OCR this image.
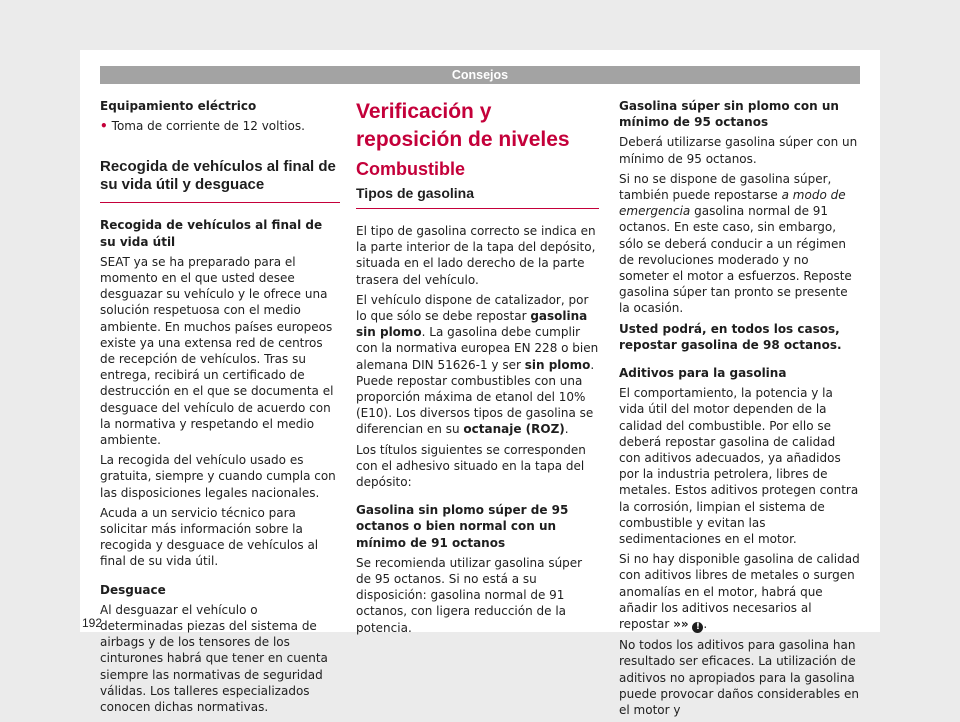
Consejos

Equipamiento eléctrico

• Toma de corriente de 12 voltios.

Recogida de vehículos al final de su vida útil y desguace

Recogida de vehículos al final de su vida útil

SEAT ya se ha preparado para el momento en el que usted desee desguazar su vehículo y le ofrece una solución respetuosa con el medio ambiente. En muchos países europeos existe ya una extensa red de centros de recepción de vehículos. Tras su entrega, recibirá un certificado de destrucción en el que se documenta el desguace del vehículo de acuerdo con la normativa y respetando el medio ambiente.

La recogida del vehículo usado es gratuita, siempre y cuando cumpla con las disposiciones legales nacionales.

Acuda a un servicio técnico para solicitar más información sobre la recogida y desguace de vehículos al final de su vida útil.

Desguace

Al desguazar el vehículo o determinadas piezas del sistema de airbags y de los tensores de los cinturones habrá que tener en cuenta siempre las normativas de seguridad válidas. Los talleres especializados conocen dichas normativas.

Verificación y reposición de niveles

Combustible

Tipos de gasolina

El tipo de gasolina correcto se indica en la parte interior de la tapa del depósito, situada en el lado derecho de la parte trasera del vehículo.

El vehículo dispone de catalizador, por lo que sólo se debe repostar gasolina sin plomo. La gasolina debe cumplir con la normativa europea EN 228 o bien alemana DIN 51626-1 y ser sin plomo. Puede repostar combustibles con una proporción máxima de etanol del 10% (E10). Los diversos tipos de gasolina se diferencian en su octanaje (ROZ).

Los títulos siguientes se corresponden con el adhesivo situado en la tapa del depósito:

Gasolina sin plomo súper de 95 octanos o bien normal con un mínimo de 91 octanos

Se recomienda utilizar gasolina súper de 95 octanos. Si no está a su disposición: gasolina normal de 91 octanos, con ligera reducción de la potencia.

Gasolina súper sin plomo con un mínimo de 95 octanos

Deberá utilizarse gasolina súper con un mínimo de 95 octanos.

Si no se dispone de gasolina súper, también puede repostarse a modo de emergencia gasolina normal de 91 octanos. En este caso, sin embargo, sólo se deberá conducir a un régimen de revoluciones moderado y no someter el motor a esfuerzos. Reposte gasolina súper tan pronto se presente la ocasión.

Usted podrá, en todos los casos, repostar gasolina de 98 octanos.

Aditivos para la gasolina

El comportamiento, la potencia y la vida útil del motor dependen de la calidad del combustible. Por ello se deberá repostar gasolina de calidad con aditivos adecuados, ya añadidos por la industria petrolera, libres de metales. Estos aditivos protegen contra la corrosión, limpian el sistema de combustible y evitan las sedimentaciones en el motor.

Si no hay disponible gasolina de calidad con aditivos libres de metales o surgen anomalías en el motor, habrá que añadir los aditivos necesarios al repostar »» ! .

No todos los aditivos para gasolina han resultado ser eficaces. La utilización de aditivos no apropiados para la gasolina puede provocar daños considerables en el motor y

192
